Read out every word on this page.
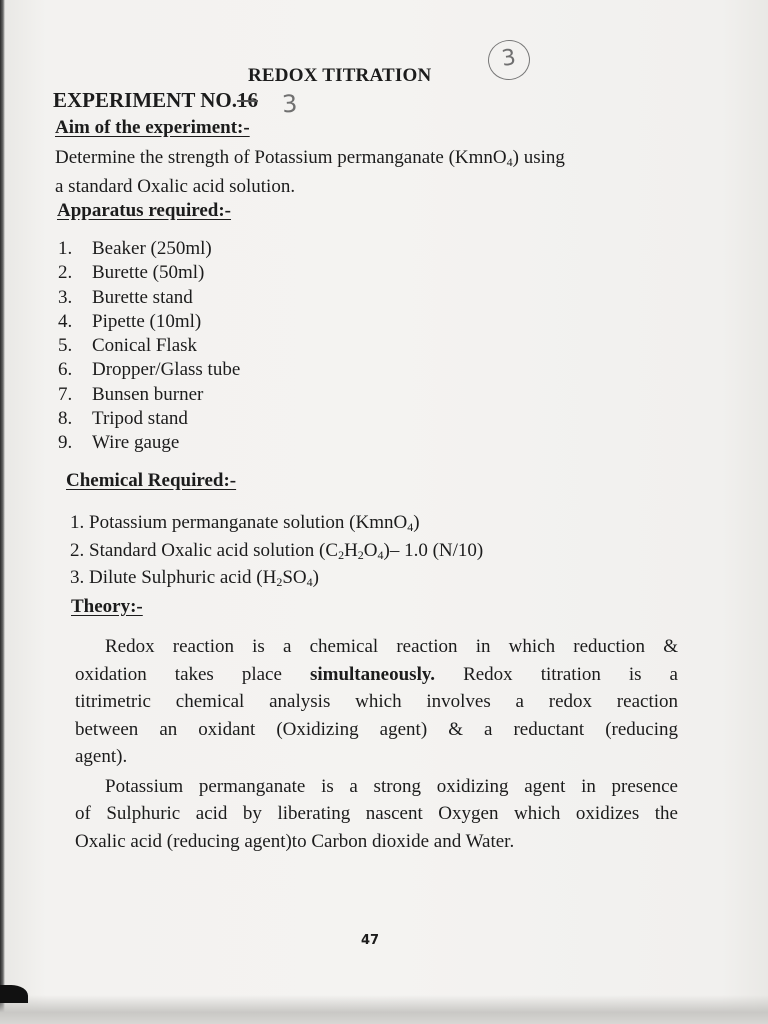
3
REDOX TITRATION
EXPERIMENT NO.16 3
Aim of the experiment:-
Determine the strength of Potassium permanganate (KmnO$_4$) using
a standard Oxalic acid solution.
Apparatus required:-
1. Beaker (250ml)
2. Burette (50ml)
3. Burette stand
4. Pipette (10ml)
5. Conical Flask
6. Dropper/Glass tube
7. Bunsen burner
8. Tripod stand
9. Wire gauge
Chemical Required:-
1. Potassium permanganate solution (KmnO$_4$)
2. Standard Oxalic acid solution $(C_2H_2O_4)-$ 1.0 (N/10)
3. Dilute Sulphuric acid $(H_2SO_4)$
Theory:-
Redox reaction is a chemical reaction in which reduction &
oxidation takes place simultaneously. Redox titration is a
titrimetric chemical analysis which involves a redox reaction
between an oxidant (Oxidizing agent) & a reductant (reducing
agent).
Potassium permanganate is a strong oxidizing agent in presence
of Sulphuric acid by liberating nascent Oxygen which oxidizes the
Oxalic acid (reducing agent)to Carbon dioxide and Water.
47
